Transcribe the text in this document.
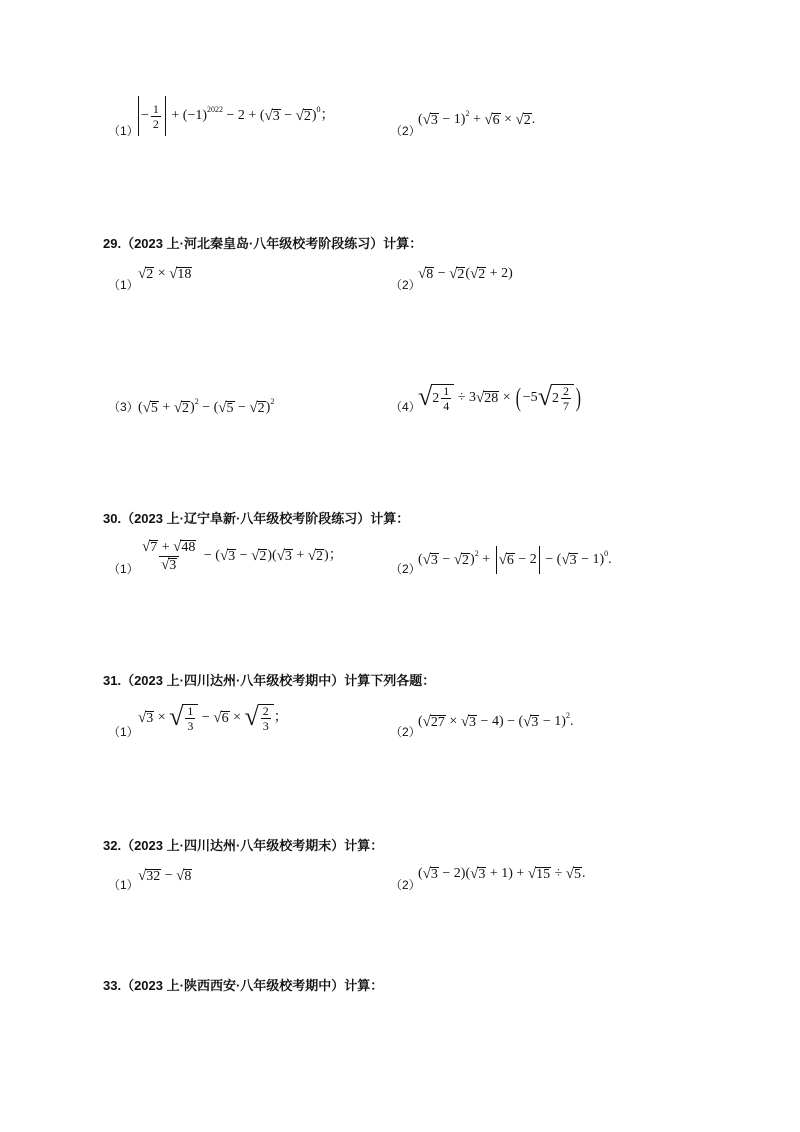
（1）
− $\frac{1}{2} + (-1) 2022 - 2$ + ( √ 3 − √ 2 ) 0 ；
（2）
( √ 3 − 1) 2 + √ 6 × √ 2 .
29.（2023 上·河北秦皇岛·八年级校考阶段练习）计算：
（1）
√ 2 × √ 18
（2）
√ 8 − √ 2 ( √ 2 + 2)
（3） ( √ 5 + √ 2 ) 2 − ( √ 5 − √ 2 ) 2	（4）
√ $2 \frac{1}{4} \div 3$ √ 28 × ( −5 √ $2 \frac{2}{7}$ )
30.（2023 上·辽宁阜新·八年级校考阶段练习）计算：
$(1) \frac{√ 7 + √ 48}{√ 3}$ − ( √ 3 − √ 2 )( √ 3 + √ 2 ) ；
（2）
( √ 3 − √ 2 ) 2 + √ 6 − 2 − ( √ 3 − 1) 0 .
31.（2023 上·四川达州·八年级校考期中）计算下列各题：
（1）
√ 3 × √ $\frac{1}{3}$ − √ 6 × √ $\frac{2}{3}$ ；
（2）
( √ 27 × √ 3 − 4) − ( √ 3 − 1) 2 .
32.（2023 上·四川达州·八年级校考期末）计算：
（1）
√ 32 − √ 8
（2）
( √ 3 − 2)( √ 3 + 1) + √ 15 ÷ √ 5 .
33.（2023 上·陕西西安·八年级校考期中）计算：
